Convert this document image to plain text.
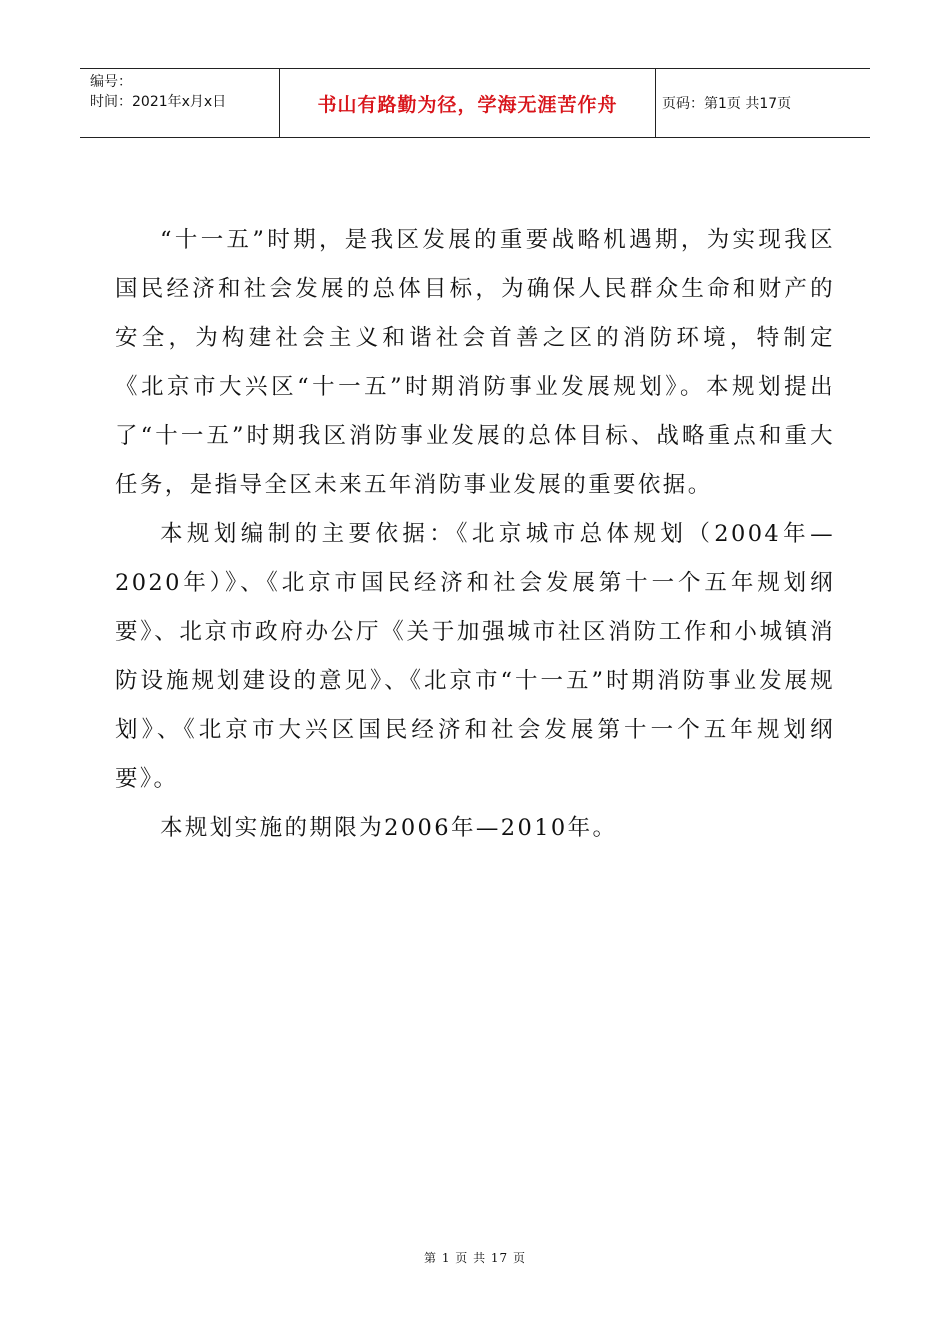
编号：
时间：2021年x月x日	书山有路勤为径，学海无涯苦作舟	页码：第1页 共17页

“十一五”时期，是我区发展的重要战略机遇期，为实现我区国民经济和社会发展的总体目标，为确保人民群众生命和财产的安全，为构建社会主义和谐社会首善之区的消防环境，特制定《北京市大兴区“十一五”时期消防事业发展规划》。本规划提出了“十一五”时期我区消防事业发展的总体目标、战略重点和重大任务，是指导全区未来五年消防事业发展的重要依据。

本规划编制的主要依据：《北京城市总体规划（2004年—2020年）》、《北京市国民经济和社会发展第十一个五年规划纲要》、北京市政府办公厅《关于加强城市社区消防工作和小城镇消防设施规划建设的意见》、《北京市“十一五”时期消防事业发展规划》、《北京市大兴区国民经济和社会发展第十一个五年规划纲要》。

本规划实施的期限为2006年—2010年。

第 1 页 共 17 页
